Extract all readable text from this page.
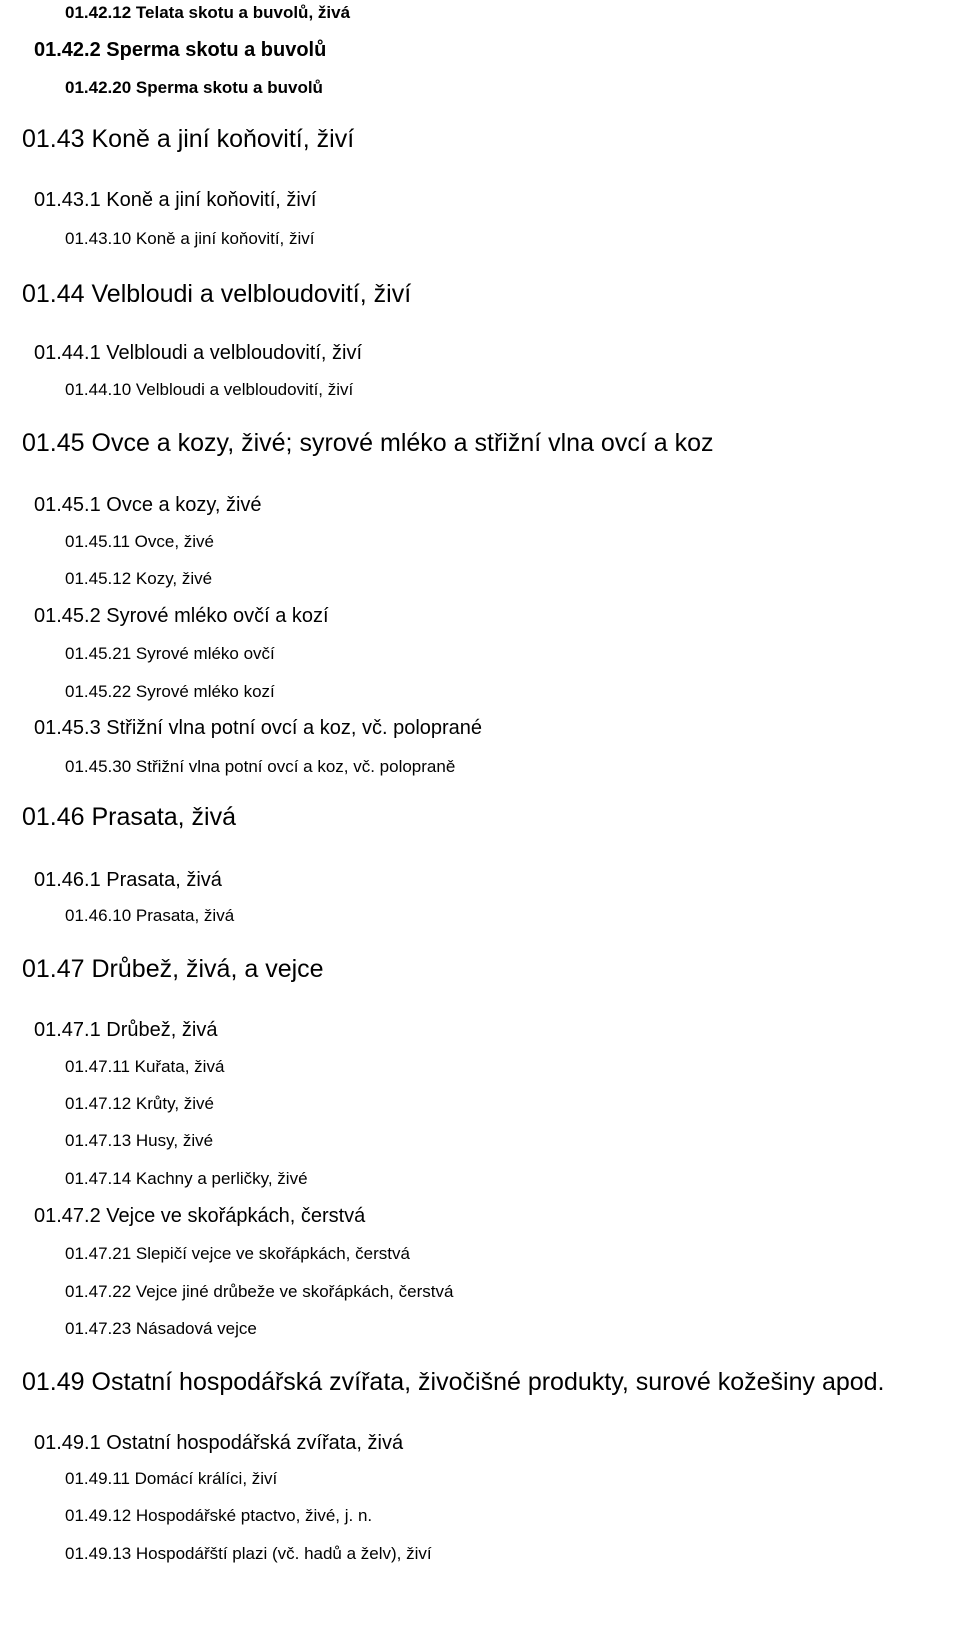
01.42.12 Telata skotu a buvolů, živá
01.42.2 Sperma skotu a buvolů
01.42.20 Sperma skotu a buvolů
01.43 Koně a jiní koňovití, živí
01.43.1 Koně a jiní koňovití, živí
01.43.10 Koně a jiní koňovití, živí
01.44 Velbloudi a velbloudovití, živí
01.44.1 Velbloudi a velbloudovití, živí
01.44.10 Velbloudi a velbloudovití, živí
01.45 Ovce a kozy, živé; syrové mléko a střižní vlna ovcí a koz
01.45.1 Ovce a kozy, živé
01.45.11 Ovce, živé
01.45.12 Kozy, živé
01.45.2 Syrové mléko ovčí a kozí
01.45.21 Syrové mléko ovčí
01.45.22 Syrové mléko kozí
01.45.3 Střižní vlna potní ovcí a koz, vč. poloprané
01.45.30 Střižní vlna potní ovcí a koz, vč. polopraně
01.46 Prasata, živá
01.46.1 Prasata, živá
01.46.10 Prasata, živá
01.47 Drůbež, živá, a vejce
01.47.1 Drůbež, živá
01.47.11 Kuřata, živá
01.47.12 Krůty, živé
01.47.13 Husy, živé
01.47.14 Kachny a perličky, živé
01.47.2 Vejce ve skořápkách, čerstvá
01.47.21 Slepičí vejce ve skořápkách, čerstvá
01.47.22 Vejce jiné drůbeže ve skořápkách, čerstvá
01.47.23 Násadová vejce
01.49 Ostatní hospodářská zvířata, živočišné produkty, surové kožešiny apod.
01.49.1 Ostatní hospodářská zvířata, živá
01.49.11 Domácí králíci, živí
01.49.12 Hospodářské ptactvo, živé, j. n.
01.49.13 Hospodářští plazi (vč. hadů a želv), živí
